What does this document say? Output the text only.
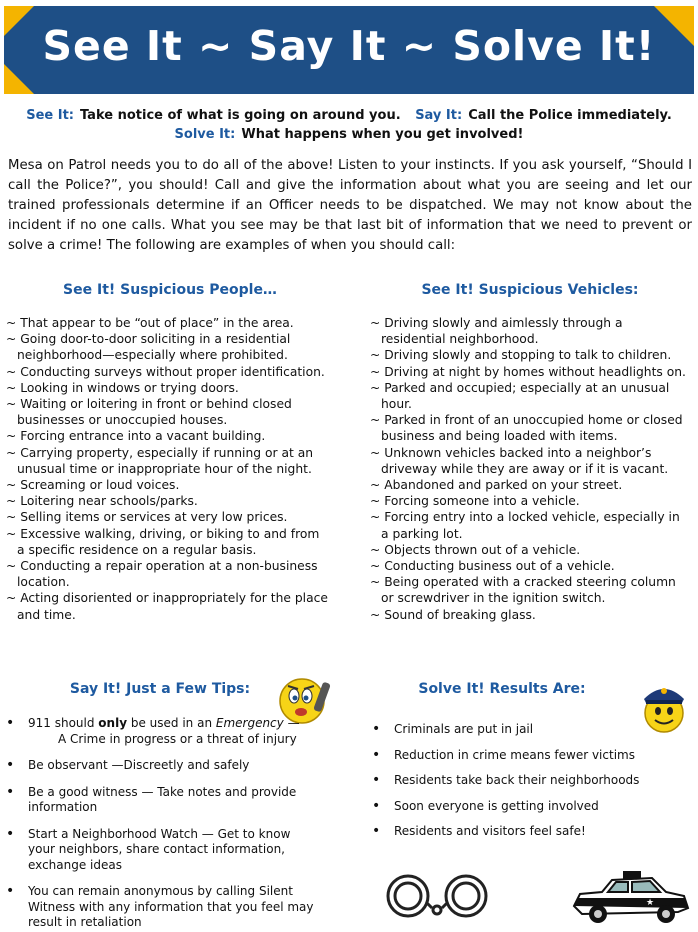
See It ~ Say It ~ Solve It!
See It: Take notice of what is going on around you. Say It: Call the Police immediately.
Solve It: What happens when you get involved!
Mesa on Patrol needs you to do all of the above! Listen to your instincts. If you ask yourself, “Should I call the Police?”, you should! Call and give the information about what you are seeing and let our trained professionals determine if an Officer needs to be dispatched. We may not know about the incident if no one calls. What you see may be that last bit of information that we need to prevent or solve a crime! The following are examples of when you should call:
See It! Suspicious People…
~ That appear to be “out of place” in the area.
~ Going door-to-door soliciting in a residential neighborhood—especially where prohibited.
~ Conducting surveys without proper identification.
~ Looking in windows or trying doors.
~ Waiting or loitering in front or behind closed businesses or unoccupied houses.
~ Forcing entrance into a vacant building.
~ Carrying property, especially if running or at an unusual time or inappropriate hour of the night.
~ Screaming or loud voices.
~ Loitering near schools/parks.
~ Selling items or services at very low prices.
~ Excessive walking, driving, or biking to and from a specific residence on a regular basis.
~ Conducting a repair operation at a non-business location.
~ Acting disoriented or inappropriately for the place and time.
See It! Suspicious Vehicles:
~ Driving slowly and aimlessly through a residential neighborhood.
~ Driving slowly and stopping to talk to children.
~ Driving at night by homes without headlights on.
~ Parked and occupied; especially at an unusual hour.
~ Parked in front of an unoccupied home or closed business and being loaded with items.
~ Unknown vehicles backed into a neighbor’s driveway while they are away or if it is vacant.
~ Abandoned and parked on your street.
~ Forcing someone into a vehicle.
~ Forcing entry into a locked vehicle, especially in a parking lot.
~ Objects thrown out of a vehicle.
~ Conducting business out of a vehicle.
~ Being operated with a cracked steering column or screwdriver in the ignition switch.
~ Sound of breaking glass.
Say It! Just a Few Tips:
• 911 should only be used in an Emergency —
A Crime in progress or a threat of injury
• Be observant —Discreetly and safely
• Be a good witness — Take notes and provide information
• Start a Neighborhood Watch — Get to know your neighbors, share contact information, exchange ideas
• You can remain anonymous by calling Silent Witness with any information that you feel may result in retaliation
Solve It! Results Are:
• Criminals are put in jail
• Reduction in crime means fewer victims
• Residents take back their neighborhoods
• Soon everyone is getting involved
• Residents and visitors feel safe!
★
